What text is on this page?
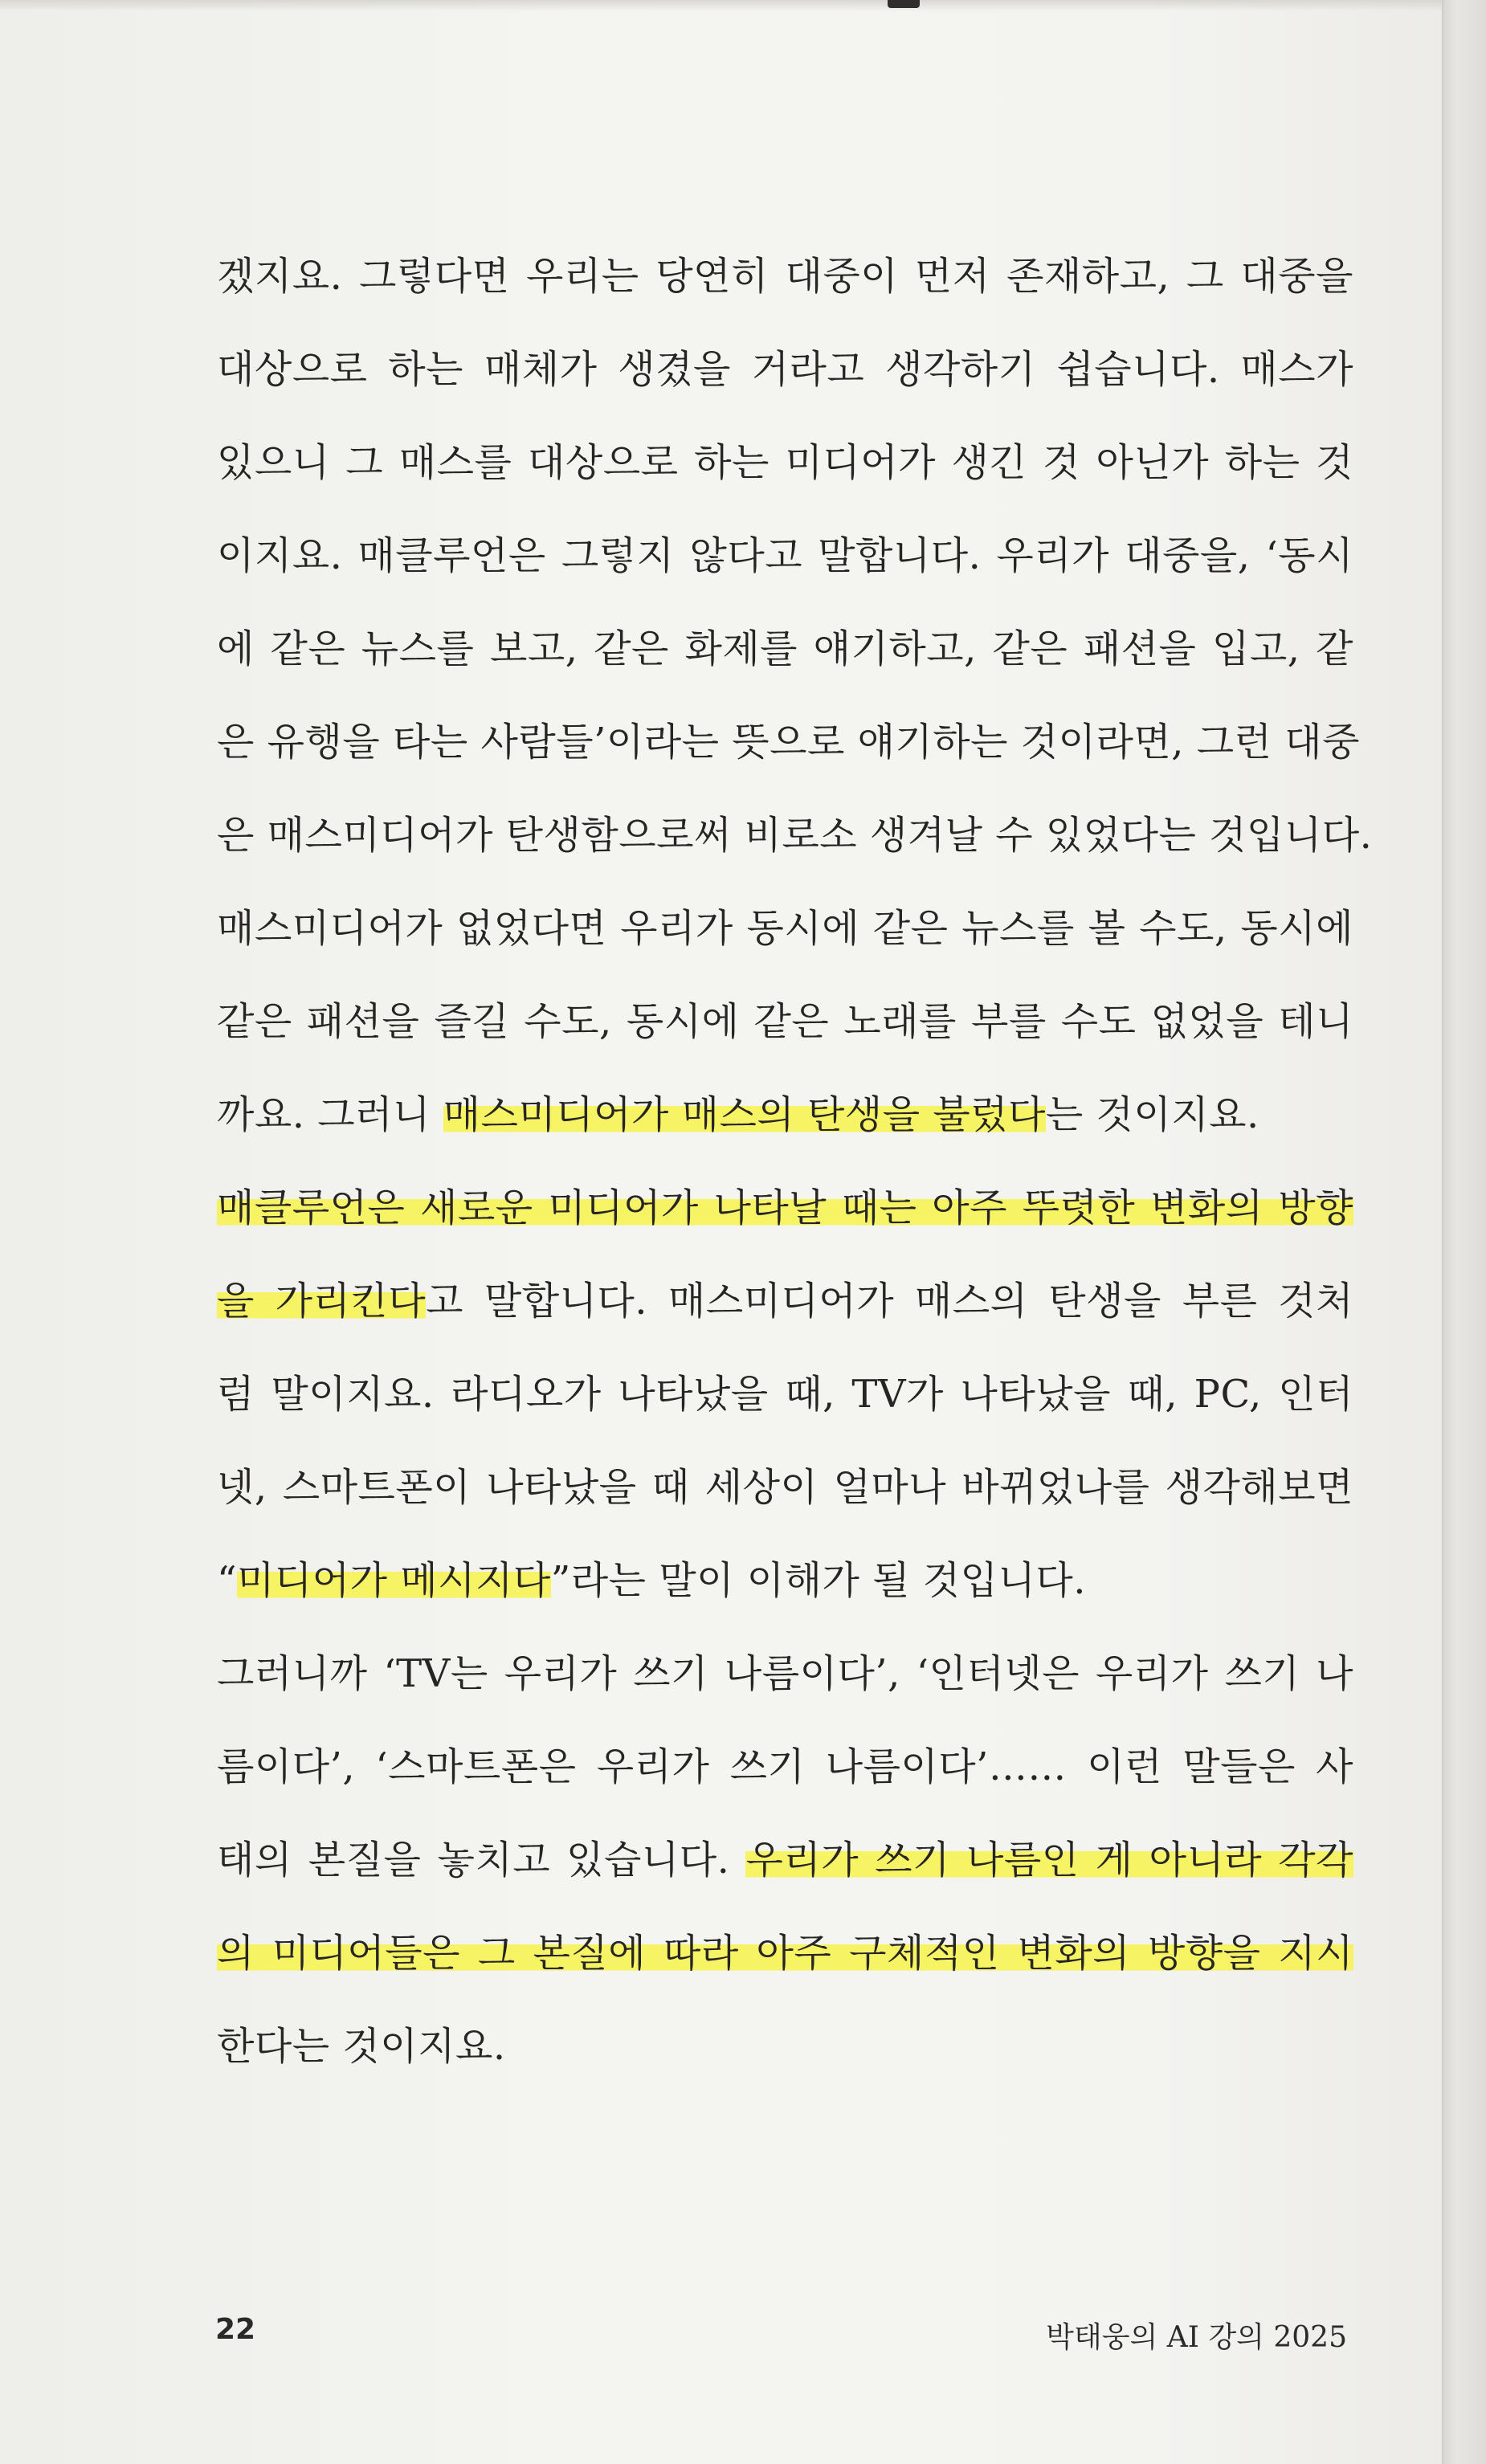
겠지요. 그렇다면 우리는 당연히 대중이 먼저 존재하고, 그 대중을
대상으로 하는 매체가 생겼을 거라고 생각하기 쉽습니다. 매스가
있으니 그 매스를 대상으로 하는 미디어가 생긴 것 아닌가 하는 것
이지요. 매클루언은 그렇지 않다고 말합니다. 우리가 대중을, ‘동시
에 같은 뉴스를 보고, 같은 화제를 얘기하고, 같은 패션을 입고, 같
은 유행을 타는 사람들’이라는 뜻으로 얘기하는 것이라면, 그런 대중
은 매스미디어가 탄생함으로써 비로소 생겨날 수 있었다는 것입니다.
매스미디어가 없었다면 우리가 동시에 같은 뉴스를 볼 수도, 동시에
같은 패션을 즐길 수도, 동시에 같은 노래를 부를 수도 없었을 테니
까요. 그러니 매스미디어가 매스의 탄생을 불렀다는 것이지요.
매클루언은 새로운 미디어가 나타날 때는 아주 뚜렷한 변화의 방향
을 가리킨다고 말합니다. 매스미디어가 매스의 탄생을 부른 것처
럼 말이지요. 라디오가 나타났을 때, TV가 나타났을 때, PC, 인터
넷, 스마트폰이 나타났을 때 세상이 얼마나 바뀌었나를 생각해보면
“미디어가 메시지다”라는 말이 이해가 될 것입니다.
그러니까 ‘TV는 우리가 쓰기 나름이다’, ‘인터넷은 우리가 쓰기 나
름이다’, ‘스마트폰은 우리가 쓰기 나름이다’…… 이런 말들은 사
태의 본질을 놓치고 있습니다. 우리가 쓰기 나름인 게 아니라 각각
의 미디어들은 그 본질에 따라 아주 구체적인 변화의 방향을 지시
한다는 것이지요.
22	박태웅의 AI 강의 2025
